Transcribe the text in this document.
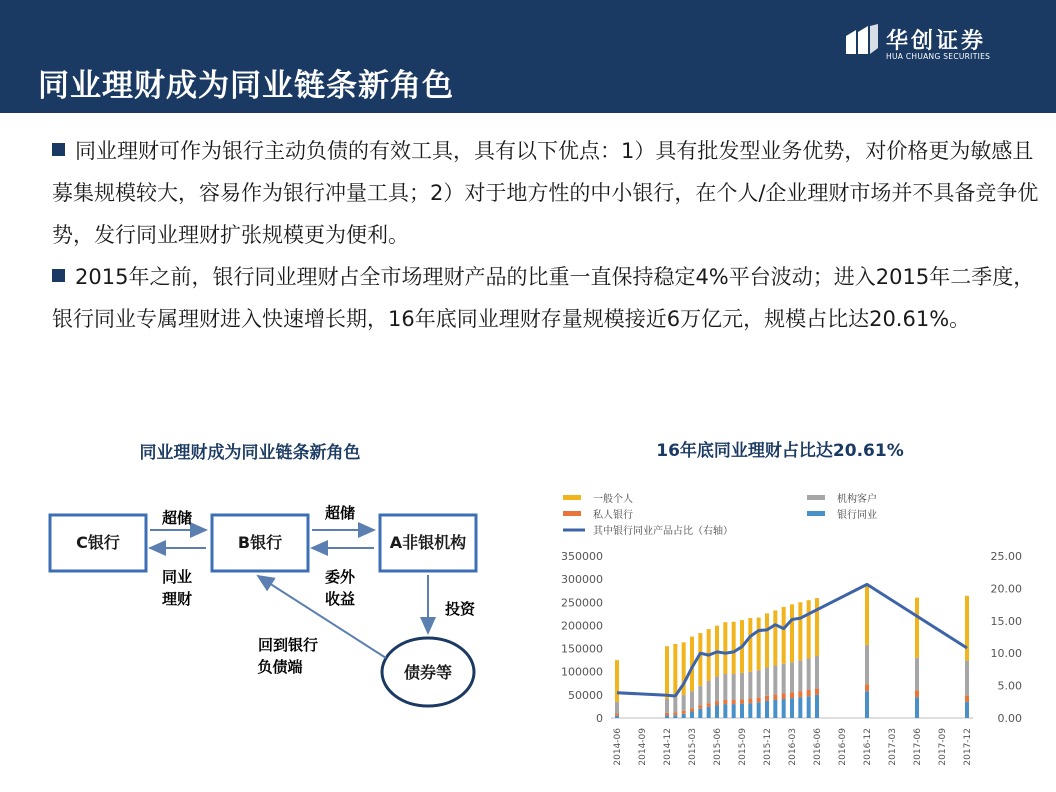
同业理财成为同业链条新角色
华创证券
HUA CHUANG SECURITIES

同业理财可作为银行主动负债的有效工具，具有以下优点：1）具有批发型业务优势，对价格更为敏感且募集规模较大，容易作为银行冲量工具；2）对于地方性的中小银行，在个人/企业理财市场并不具备竞争优势，发行同业理财扩张规模更为便利。

2015年之前，银行同业理财占全市场理财产品的比重一直保持稳定4%平台波动；进入2015年二季度，银行同业专属理财进入快速增长期，16年底同业理财存量规模接近6万亿元，规模占比达20.61%。

同业理财成为同业链条新角色
C银行	B银行	A非银机构
债券等
超储
同业
理财
超储
委外
收益
投资
回到银行
负债端
16年底同业理财占比达20.61%
一般个人	机构客户
私人银行	银行同业
其中银行同业产品占比（右轴）
0
50000
100000
150000
200000
250000
300000
350000
0.00
5.00
10.00
15.00
20.00
25.00
2014-06 2014-09 2014-12 2015-03 2015-06 2015-09 2015-12 2016-03 2016-06 2016-09 2016-12 2017-03 2017-06 2017-09 2017-12
